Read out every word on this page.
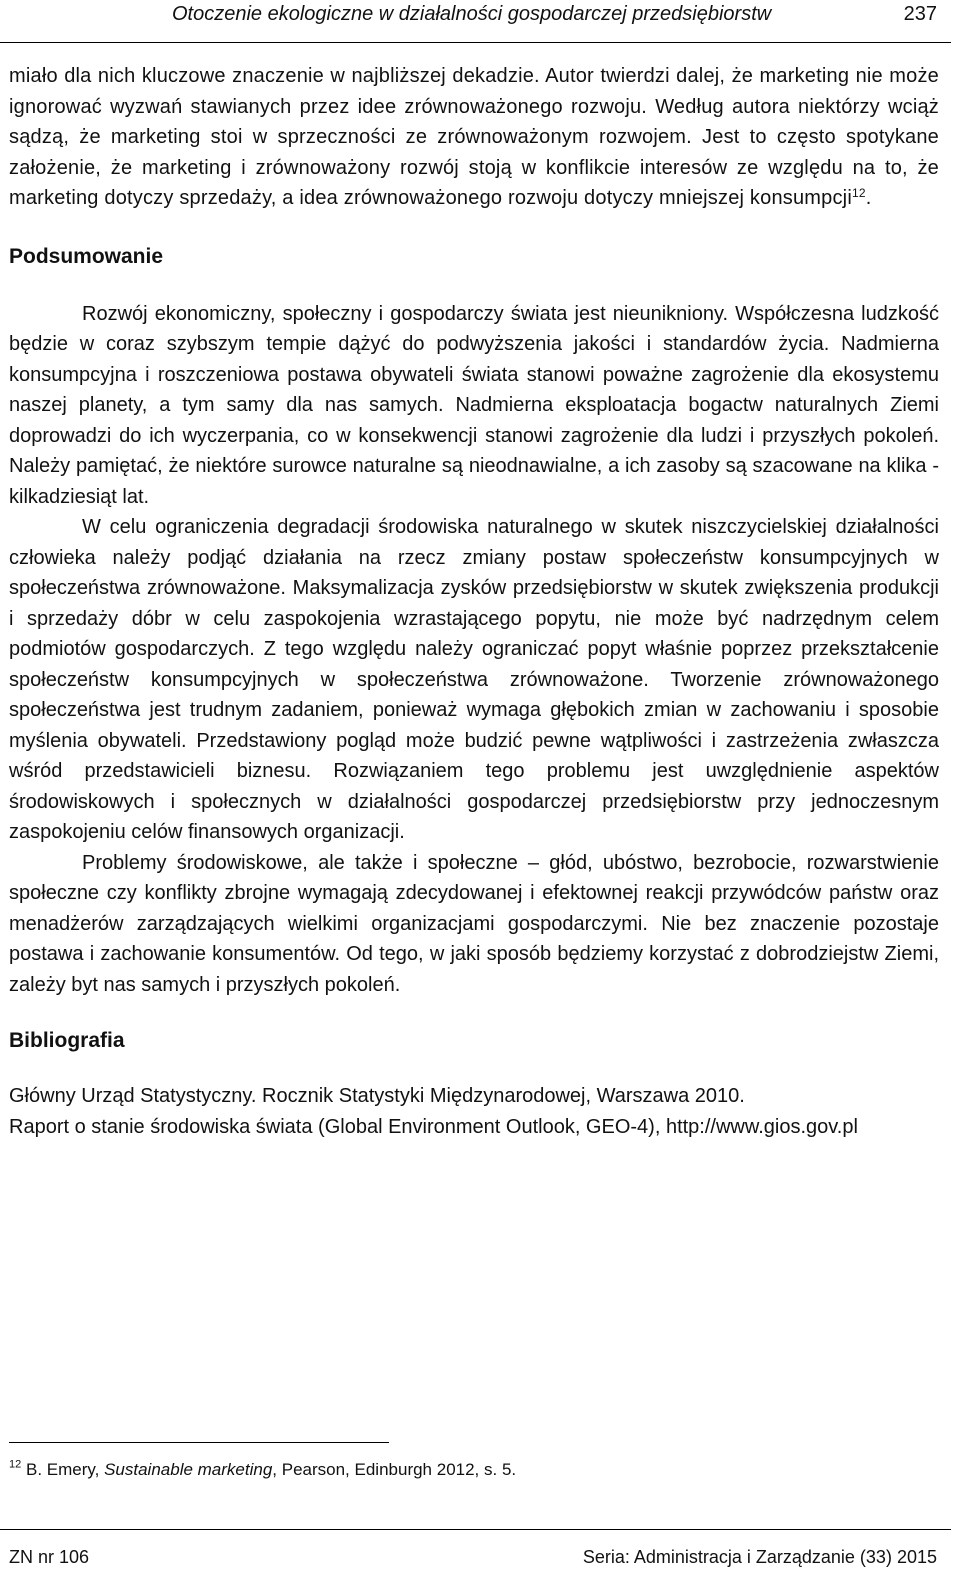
Otoczenie ekologiczne w działalności gospodarczej przedsiębiorstw	237

miało dla nich kluczowe znaczenie w najbliższej dekadzie. Autor twierdzi dalej, że marketing nie może ignorować wyzwań stawianych przez idee zrównoważonego rozwoju. Według autora niektórzy wciąż sądzą, że marketing stoi w sprzeczności ze zrównoważonym rozwojem. Jest to często spotykane założenie, że marketing i zrównoważony rozwój stoją w konflikcie interesów ze względu na to, że marketing dotyczy sprzedaży, a idea zrównoważonego rozwoju dotyczy mniejszej konsumpcji$^{12}$.

Podsumowanie

Rozwój ekonomiczny, społeczny i gospodarczy świata jest nieunikniony. Współczesna ludzkość będzie w coraz szybszym tempie dążyć do podwyższenia jakości i standardów życia. Nadmierna konsumpcyjna i roszczeniowa postawa obywateli świata stanowi poważne zagrożenie dla ekosystemu naszej planety, a tym samy dla nas samych. Nadmierna eksploatacja bogactw naturalnych Ziemi doprowadzi do ich wyczerpania, co w konsekwencji stanowi zagrożenie dla ludzi i przyszłych pokoleń. Należy pamiętać, że niektóre surowce naturalne są nieodnawialne, a ich zasoby są szacowane na klika - kilkadziesiąt lat.

W celu ograniczenia degradacji środowiska naturalnego w skutek niszczycielskiej działalności człowieka należy podjąć działania na rzecz zmiany postaw społeczeństw konsumpcyjnych w społeczeństwa zrównoważone. Maksymalizacja zysków przedsiębiorstw w skutek zwiększenia produkcji i sprzedaży dóbr w celu zaspokojenia wzrastającego popytu, nie może być nadrzędnym celem podmiotów gospodarczych. Z tego względu należy ograniczać popyt właśnie poprzez przekształcenie społeczeństw konsumpcyjnych w społeczeństwa zrównoważone. Tworzenie zrównoważonego społeczeństwa jest trudnym zadaniem, ponieważ wymaga głębokich zmian w zachowaniu i sposobie myślenia obywateli. Przedstawiony pogląd może budzić pewne wątpliwości i zastrzeżenia zwłaszcza wśród przedstawicieli biznesu. Rozwiązaniem tego problemu jest uwzględnienie aspektów środowiskowych i społecznych w działalności gospodarczej przedsiębiorstw przy jednoczesnym zaspokojeniu celów finansowych organizacji.

Problemy środowiskowe, ale także i społeczne – głód, ubóstwo, bezrobocie, rozwarstwienie społeczne czy konflikty zbrojne wymagają zdecydowanej i efektownej reakcji przywódców państw oraz menadżerów zarządzających wielkimi organizacjami gospodarczymi. Nie bez znaczenie pozostaje postawa i zachowanie konsumentów. Od tego, w jaki sposób będziemy korzystać z dobrodziejstw Ziemi, zależy byt nas samych i przyszłych pokoleń.

Bibliografia
Główny Urząd Statystyczny. Rocznik Statystyki Międzynarodowej, Warszawa 2010.
Raport o stanie środowiska świata (Global Environment Outlook, GEO-4), http://www.gios.gov.pl
$^{12}$ B. Emery, Sustainable marketing, Pearson, Edinburgh 2012, s. 5.
ZN nr 106	Seria: Administracja i Zarządzanie (33) 2015
